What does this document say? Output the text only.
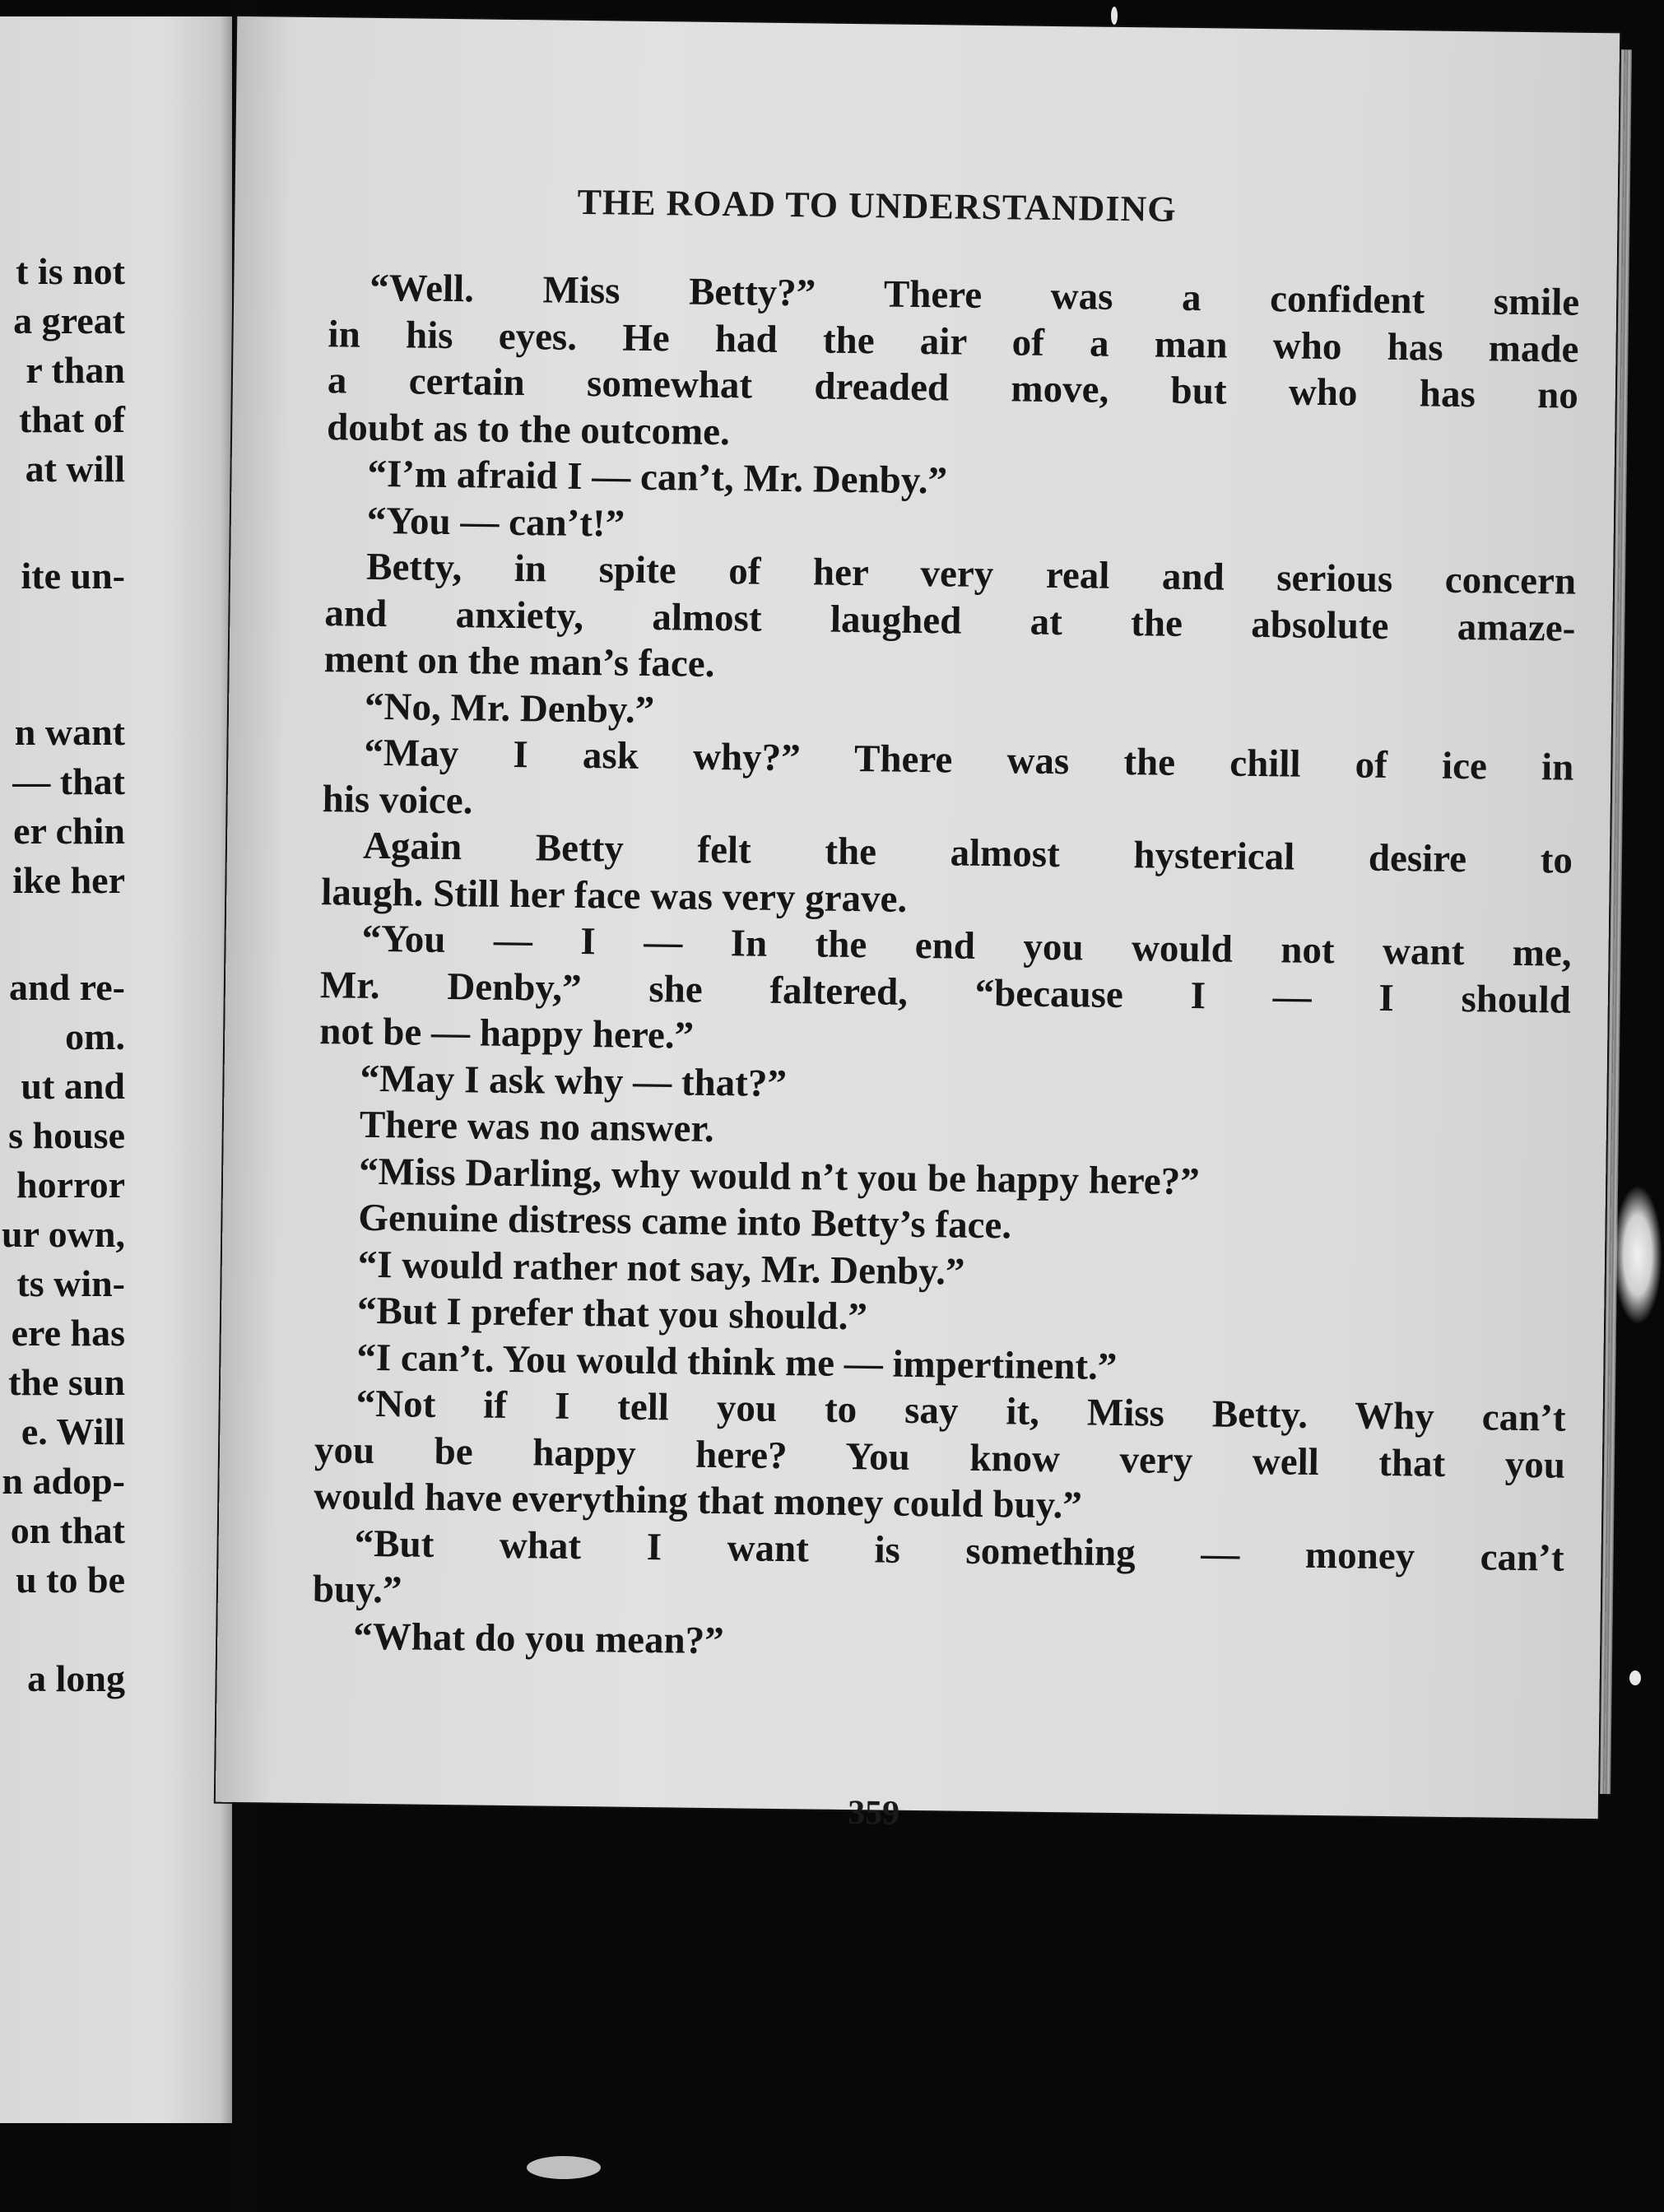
t is not
a great
r than
that of
at will
ite un-
n want
— that
er chin
ike her
and re-
om.
ut and
s house
horror
ur own,
ts win-
ere has
the sun
e. Will
n adop-
on that
u to be
a long
THE ROAD TO UNDERSTANDING
“Well. Miss Betty?” There was a confident smile
in his eyes. He had the air of a man who has made
a certain somewhat dreaded move, but who has no
doubt as to the outcome.
“I’m afraid I — can’t, Mr. Denby.”
“You — can’t!”
Betty, in spite of her very real and serious concern
and anxiety, almost laughed at the absolute amaze-
ment on the man’s face.
“No, Mr. Denby.”
“May I ask why?” There was the chill of ice in
his voice.
Again Betty felt the almost hysterical desire to
laugh. Still her face was very grave.
“You — I — In the end you would not want me,
Mr. Denby,” she faltered, “because I — I should
not be — happy here.”
“May I ask why — that?”
There was no answer.
“Miss Darling, why would n’t you be happy here?”
Genuine distress came into Betty’s face.
“I would rather not say, Mr. Denby.”
“But I prefer that you should.”
“I can’t. You would think me — impertinent.”
“Not if I tell you to say it, Miss Betty. Why can’t
you be happy here? You know very well that you
would have everything that money could buy.”
“But what I want is something — money can’t
buy.”
“What do you mean?”
359
